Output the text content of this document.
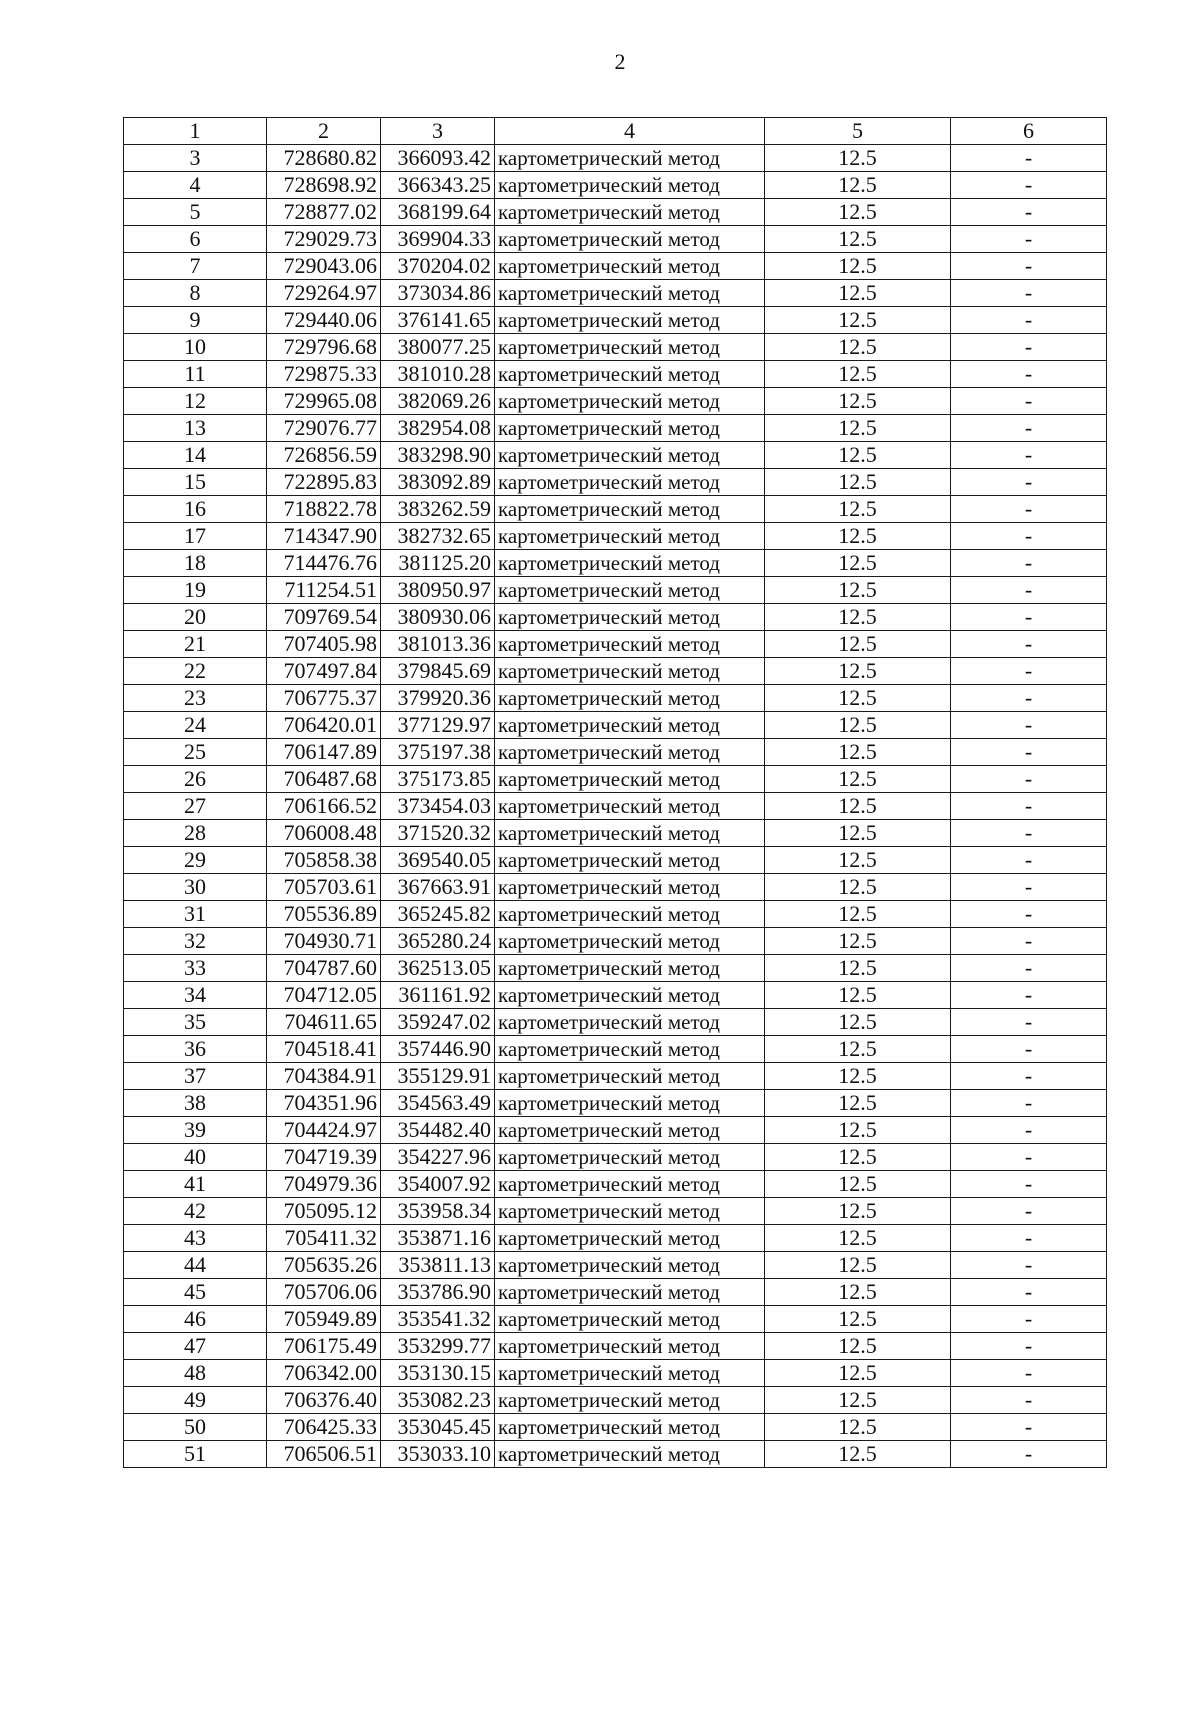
2
1	2	3	4	5	6
3	728680.82	366093.42	картометрический метод	12.5	-
4	728698.92	366343.25	картометрический метод	12.5	-
5	728877.02	368199.64	картометрический метод	12.5	-
6	729029.73	369904.33	картометрический метод	12.5	-
7	729043.06	370204.02	картометрический метод	12.5	-
8	729264.97	373034.86	картометрический метод	12.5	-
9	729440.06	376141.65	картометрический метод	12.5	-
10	729796.68	380077.25	картометрический метод	12.5	-
11	729875.33	381010.28	картометрический метод	12.5	-
12	729965.08	382069.26	картометрический метод	12.5	-
13	729076.77	382954.08	картометрический метод	12.5	-
14	726856.59	383298.90	картометрический метод	12.5	-
15	722895.83	383092.89	картометрический метод	12.5	-
16	718822.78	383262.59	картометрический метод	12.5	-
17	714347.90	382732.65	картометрический метод	12.5	-
18	714476.76	381125.20	картометрический метод	12.5	-
19	711254.51	380950.97	картометрический метод	12.5	-
20	709769.54	380930.06	картометрический метод	12.5	-
21	707405.98	381013.36	картометрический метод	12.5	-
22	707497.84	379845.69	картометрический метод	12.5	-
23	706775.37	379920.36	картометрический метод	12.5	-
24	706420.01	377129.97	картометрический метод	12.5	-
25	706147.89	375197.38	картометрический метод	12.5	-
26	706487.68	375173.85	картометрический метод	12.5	-
27	706166.52	373454.03	картометрический метод	12.5	-
28	706008.48	371520.32	картометрический метод	12.5	-
29	705858.38	369540.05	картометрический метод	12.5	-
30	705703.61	367663.91	картометрический метод	12.5	-
31	705536.89	365245.82	картометрический метод	12.5	-
32	704930.71	365280.24	картометрический метод	12.5	-
33	704787.60	362513.05	картометрический метод	12.5	-
34	704712.05	361161.92	картометрический метод	12.5	-
35	704611.65	359247.02	картометрический метод	12.5	-
36	704518.41	357446.90	картометрический метод	12.5	-
37	704384.91	355129.91	картометрический метод	12.5	-
38	704351.96	354563.49	картометрический метод	12.5	-
39	704424.97	354482.40	картометрический метод	12.5	-
40	704719.39	354227.96	картометрический метод	12.5	-
41	704979.36	354007.92	картометрический метод	12.5	-
42	705095.12	353958.34	картометрический метод	12.5	-
43	705411.32	353871.16	картометрический метод	12.5	-
44	705635.26	353811.13	картометрический метод	12.5	-
45	705706.06	353786.90	картометрический метод	12.5	-
46	705949.89	353541.32	картометрический метод	12.5	-
47	706175.49	353299.77	картометрический метод	12.5	-
48	706342.00	353130.15	картометрический метод	12.5	-
49	706376.40	353082.23	картометрический метод	12.5	-
50	706425.33	353045.45	картометрический метод	12.5	-
51	706506.51	353033.10	картометрический метод	12.5	-
